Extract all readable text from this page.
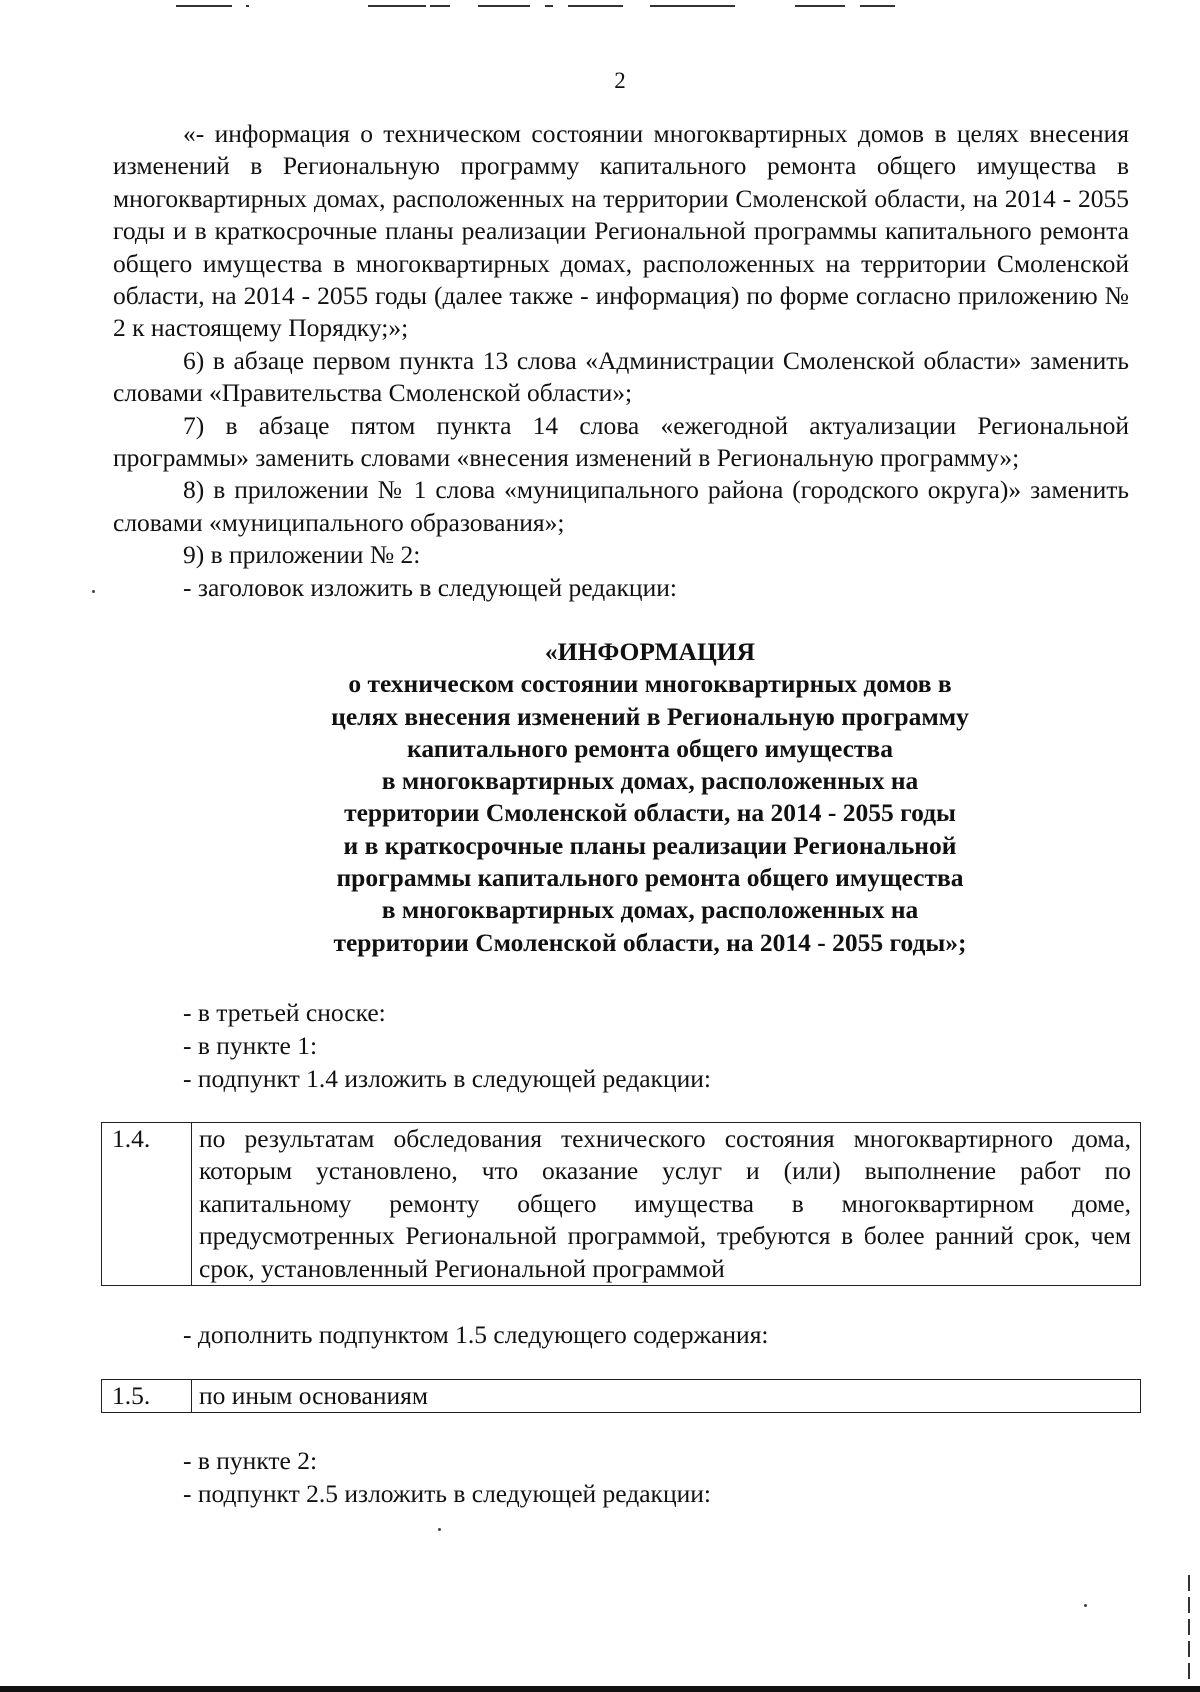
2

«- информация о техническом состоянии многоквартирных домов в целях внесения изменений в Региональную программу капитального ремонта общего имущества в многоквартирных домах, расположенных на территории Смоленской области, на 2014 - 2055 годы и в краткосрочные планы реализации Региональной программы капитального ремонта общего имущества в многоквартирных домах, расположенных на территории Смоленской области, на 2014 - 2055 годы (далее также - информация) по форме согласно приложению № 2 к настоящему Порядку;»;

6) в абзаце первом пункта 13 слова «Администрации Смоленской области» заменить словами «Правительства Смоленской области»;

7) в абзаце пятом пункта 14 слова «ежегодной актуализации Региональной программы» заменить словами «внесения изменений в Региональную программу»;

8) в приложении № 1 слова «муниципального района (городского округа)» заменить словами «муниципального образования»;

9) в приложении № 2:

- заголовок изложить в следующей редакции:

«ИНФОРМАЦИЯ
о техническом состоянии многоквартирных домов в
целях внесения изменений в Региональную программу
капитального ремонта общего имущества
в многоквартирных домах, расположенных на
территории Смоленской области, на 2014 - 2055 годы
и в краткосрочные планы реализации Региональной
программы капитального ремонта общего имущества
в многоквартирных домах, расположенных на
территории Смоленской области, на 2014 - 2055 годы»;
- в третьей сноске:
- в пункте 1:
- подпункт 1.4 изложить в следующей редакции:
1.4.	по результатам обследования технического состояния многоквартирного дома, которым установлено, что оказание услуг и (или) выполнение работ по капитальному ремонту общего имущества в многоквартирном доме, предусмотренных Региональной программой, требуются в более ранний срок, чем срок, установленный Региональной программой
- дополнить подпунктом 1.5 следующего содержания:
1.5.	по иным основаниям
- в пункте 2:
- подпункт 2.5 изложить в следующей редакции:
